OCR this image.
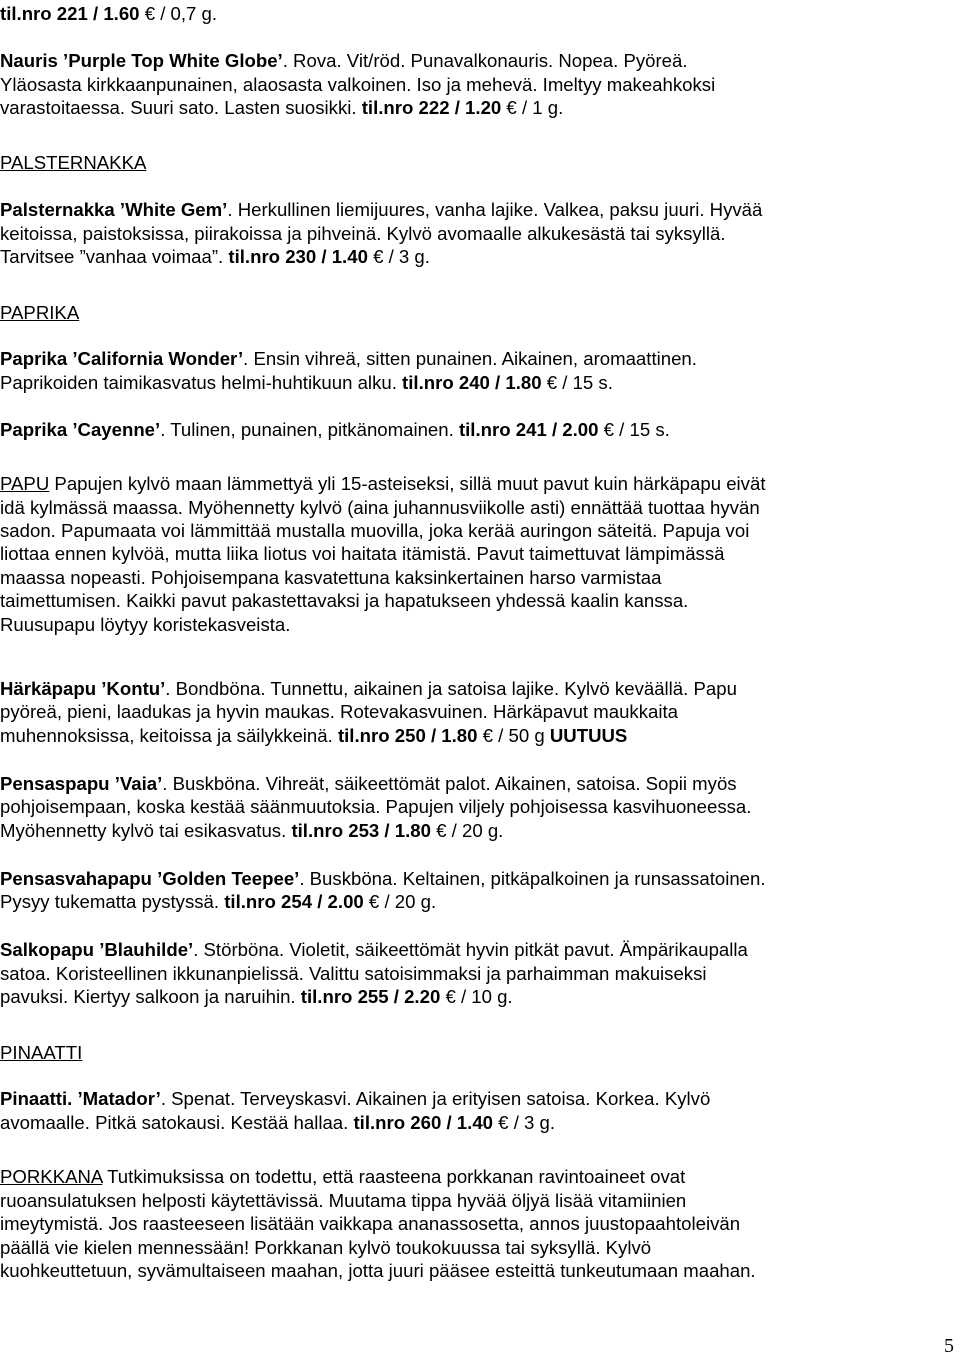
til.nro 221 / 1.60 € / 0,7 g.
Nauris ’Purple Top White Globe’. Rova. Vit/röd. Punavalkonauris. Nopea. Pyöreä.
Yläosasta kirkkaanpunainen, alaosasta valkoinen. Iso ja mehevä. Imeltyy makeahkoksi
varastoitaessa. Suuri sato. Lasten suosikki. til.nro 222 / 1.20 € / 1 g.
PALSTERNAKKA
Palsternakka ’White Gem’. Herkullinen liemijuures, vanha lajike. Valkea, paksu juuri. Hyvää
keitoissa, paistoksissa, piirakoissa ja pihveinä. Kylvö avomaalle alkukesästä tai syksyllä.
Tarvitsee ”vanhaa voimaa”. til.nro 230 / 1.40 € / 3 g.
PAPRIKA
Paprika ’California Wonder’. Ensin vihreä, sitten punainen. Aikainen, aromaattinen.
Paprikoiden taimikasvatus helmi-huhtikuun alku. til.nro 240 / 1.80 € / 15 s.
Paprika ’Cayenne’. Tulinen, punainen, pitkänomainen. til.nro 241 / 2.00 € / 15 s.
PAPU Papujen kylvö maan lämmettyä yli 15-asteiseksi, sillä muut pavut kuin härkäpapu eivät
idä kylmässä maassa. Myöhennetty kylvö (aina juhannusviikolle asti) ennättää tuottaa hyvän
sadon. Papumaata voi lämmittää mustalla muovilla, joka kerää auringon säteitä. Papuja voi
liottaa ennen kylvöä, mutta liika liotus voi haitata itämistä. Pavut taimettuvat lämpimässä
maassa nopeasti. Pohjoisempana kasvatettuna kaksinkertainen harso varmistaa
taimettumisen. Kaikki pavut pakastettavaksi ja hapatukseen yhdessä kaalin kanssa.
Ruusupapu löytyy koristekasveista.
Härkäpapu ’Kontu’. Bondböna. Tunnettu, aikainen ja satoisa lajike. Kylvö keväällä. Papu
pyöreä, pieni, laadukas ja hyvin maukas. Rotevakasvuinen. Härkäpavut maukkaita
muhennoksissa, keitoissa ja säilykkeinä. til.nro 250 / 1.80 € / 50 g UUTUUS
Pensaspapu ’Vaia’. Buskböna. Vihreät, säikeettömät palot. Aikainen, satoisa. Sopii myös
pohjoisempaan, koska kestää säänmuutoksia. Papujen viljely pohjoisessa kasvihuoneessa.
Myöhennetty kylvö tai esikasvatus. til.nro 253 / 1.80 € / 20 g.
Pensasvahapapu ’Golden Teepee’. Buskböna. Keltainen, pitkäpalkoinen ja runsassatoinen.
Pysyy tukematta pystyssä. til.nro 254 / 2.00 € / 20 g.
Salkopapu ’Blauhilde’. Störböna. Violetit, säikeettömät hyvin pitkät pavut. Ämpärikaupalla
satoa. Koristeellinen ikkunanpielissä. Valittu satoisimmaksi ja parhaimman makuiseksi
pavuksi. Kiertyy salkoon ja naruihin. til.nro 255 / 2.20 € / 10 g.
PINAATTI
Pinaatti. ’Matador’. Spenat. Terveyskasvi. Aikainen ja erityisen satoisa. Korkea. Kylvö
avomaalle. Pitkä satokausi. Kestää hallaa. til.nro 260 / 1.40 € / 3 g.
PORKKANA Tutkimuksissa on todettu, että raasteena porkkanan ravintoaineet ovat
ruoansulatuksen helposti käytettävissä. Muutama tippa hyvää öljyä lisää vitamiinien
imeytymistä. Jos raasteeseen lisätään vaikkapa ananassosetta, annos juustopaahtoleivän
päällä vie kielen mennessään! Porkkanan kylvö toukokuussa tai syksyllä. Kylvö
kuohkeuttetuun, syvämultaiseen maahan, jotta juuri pääsee esteittä tunkeutumaan maahan.
5
